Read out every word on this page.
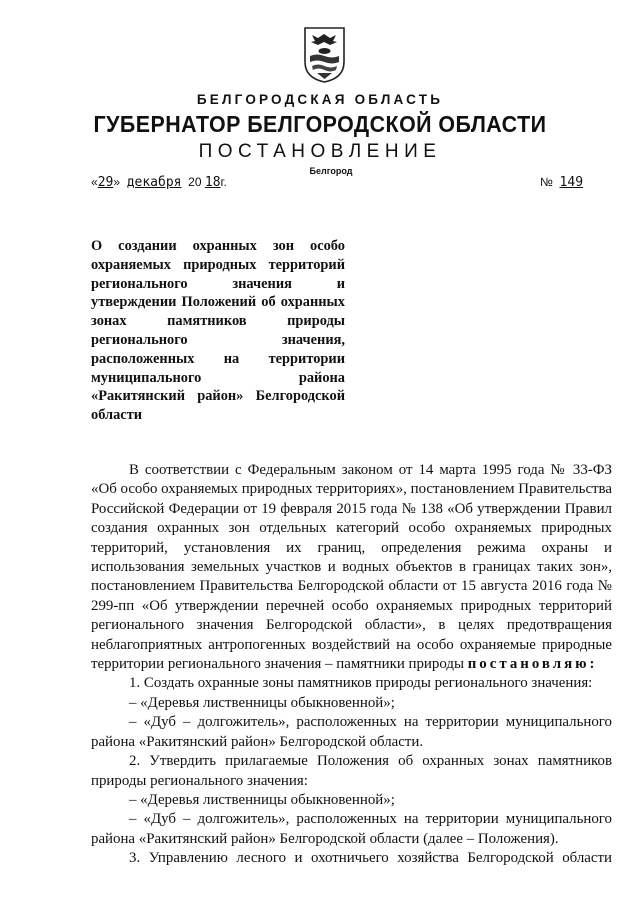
БЕЛГОРОДСКАЯ ОБЛАСТЬ
ГУБЕРНАТОР БЕЛГОРОДСКОЙ ОБЛАСТИ
ПОСТАНОВЛЕНИЕ
Белгород
«29» декабря 20 18г.	№ 149
О создании охранных зон особо охраняемых природных территорий регионального значения и утверждении Положений об охранных зонах памятников природы регионального значения, расположенных на территории муниципального района «Ракитянский район» Белгородской области

В соответствии с Федеральным законом от 14 марта 1995 года № 33-ФЗ «Об особо охраняемых природных территориях», постановлением Правительства Российской Федерации от 19 февраля 2015 года № 138 «Об утверждении Правил создания охранных зон отдельных категорий особо охраняемых природных территорий, установления их границ, определения режима охраны и использования земельных участков и водных объектов в границах таких зон», постановлением Правительства Белгородской области от 15 августа 2016 года № 299-пп «Об утверждении перечней особо охраняемых природных территорий регионального значения Белгородской области», в целях предотвращения неблагоприятных антропогенных воздействий на особо охраняемые природные территории регионального значения – памятники природы постановляю:

1. Создать охранные зоны памятников природы регионального значения:

– «Деревья лиственницы обыкновенной»;

– «Дуб – долгожитель», расположенных на территории муниципального района «Ракитянский район» Белгородской области.

2. Утвердить прилагаемые Положения об охранных зонах памятников природы регионального значения:

– «Деревья лиственницы обыкновенной»;

– «Дуб – долгожитель», расположенных на территории муниципального района «Ракитянский район» Белгородской области (далее – Положения).

3. Управлению лесного и охотничьего хозяйства Белгородской области
